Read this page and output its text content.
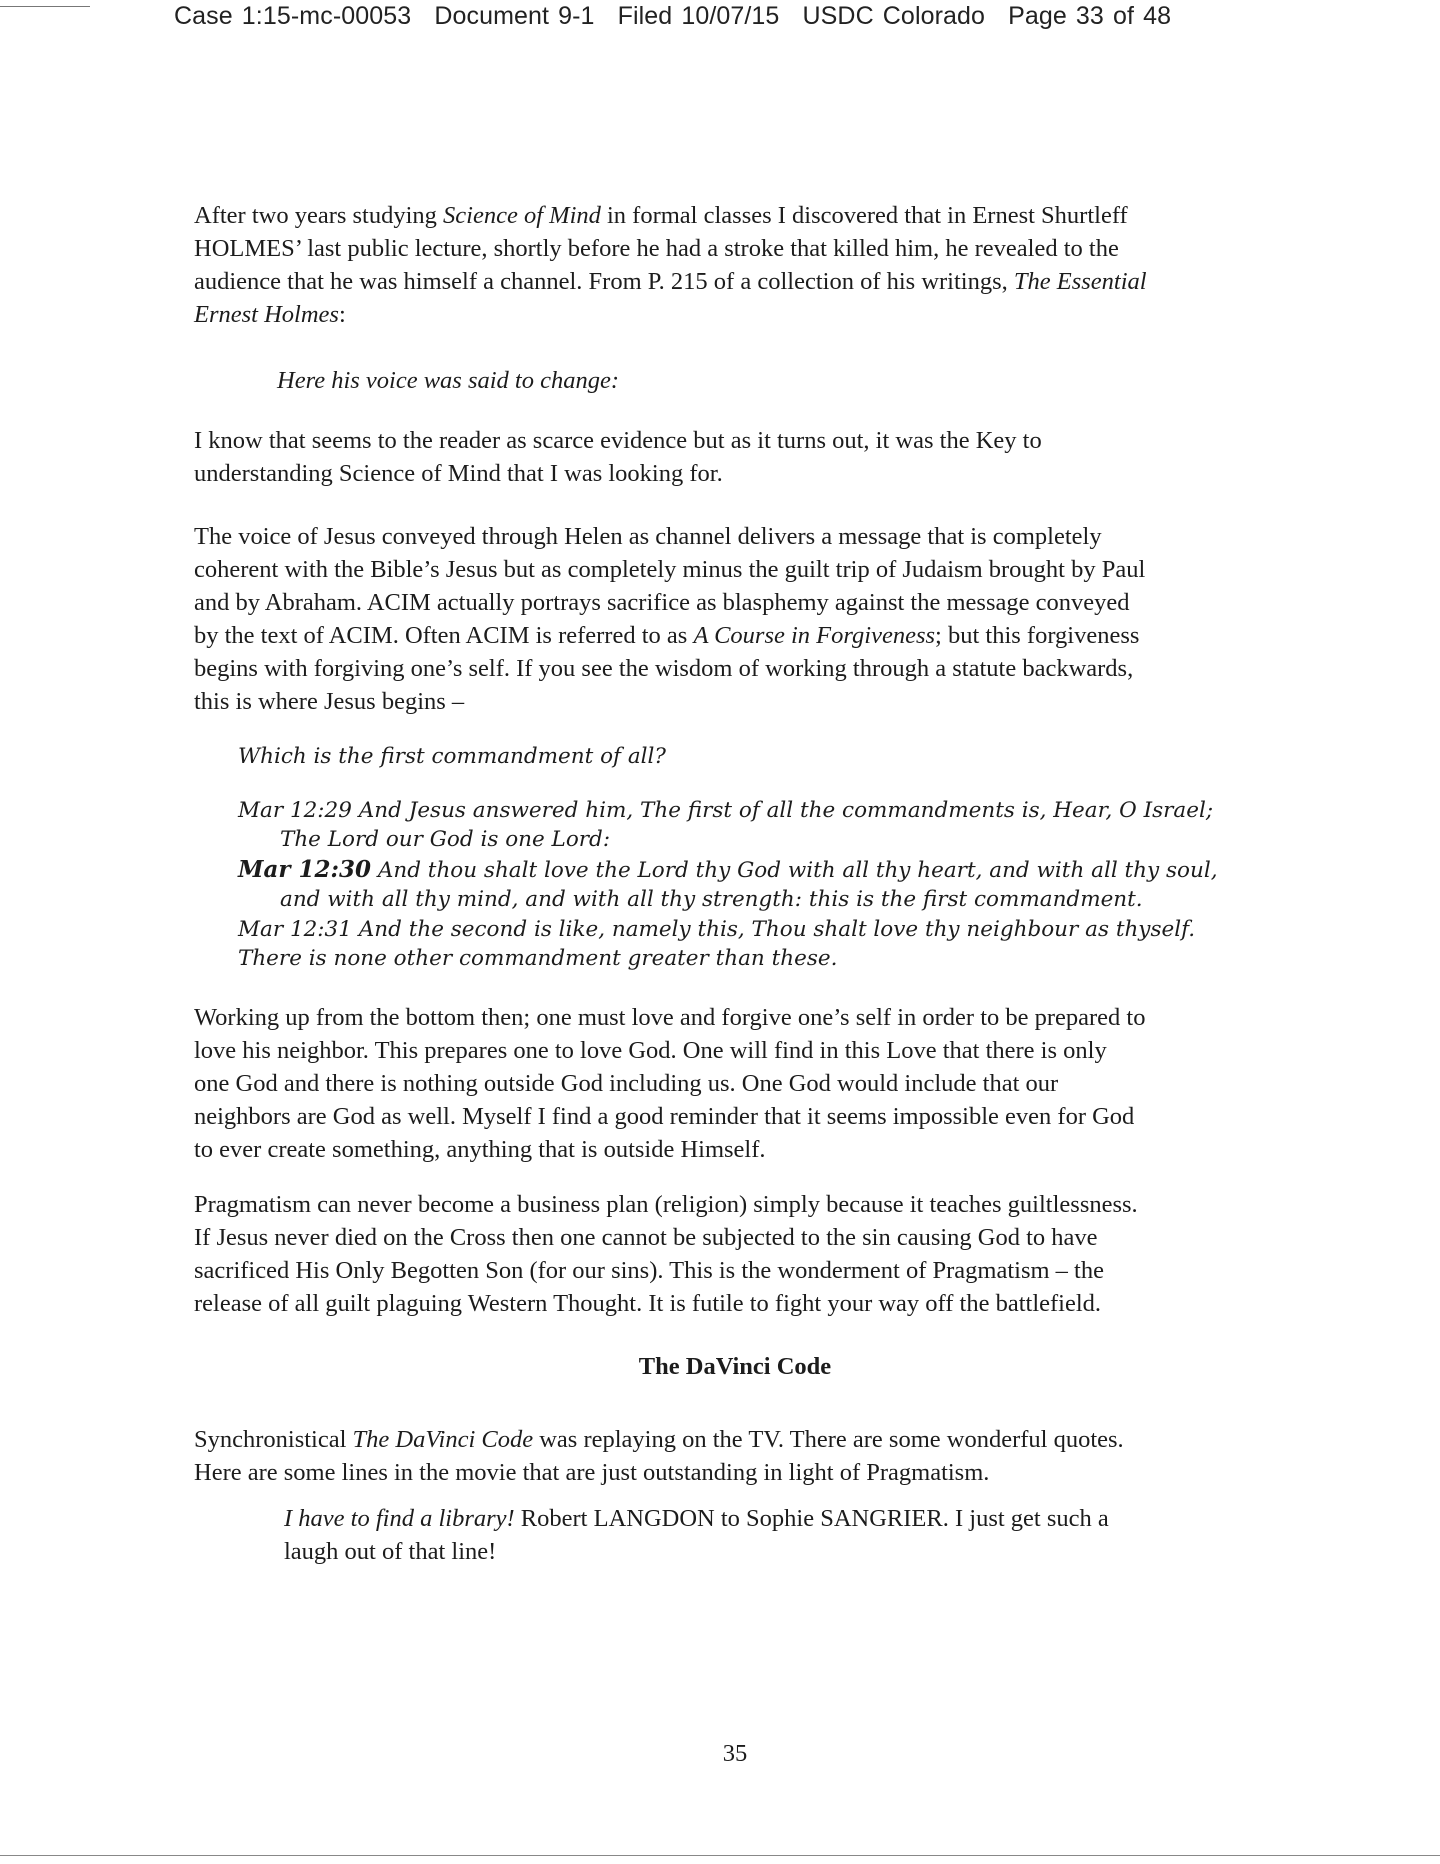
Case 1:15-mc-00053 Document 9-1 Filed 10/07/15 USDC Colorado Page 33 of 48

After two years studying Science of Mind in formal classes I discovered that in Ernest Shurtleff
HOLMES’ last public lecture, shortly before he had a stroke that killed him, he revealed to the
audience that he was himself a channel. From P. 215 of a collection of his writings, The Essential
Ernest Holmes:

Here his voice was said to change:

I know that seems to the reader as scarce evidence but as it turns out, it was the Key to
understanding Science of Mind that I was looking for.

The voice of Jesus conveyed through Helen as channel delivers a message that is completely
coherent with the Bible’s Jesus but as completely minus the guilt trip of Judaism brought by Paul
and by Abraham. ACIM actually portrays sacrifice as blasphemy against the message conveyed
by the text of ACIM. Often ACIM is referred to as A Course in Forgiveness; but this forgiveness
begins with forgiving one’s self. If you see the wisdom of working through a statute backwards,
this is where Jesus begins –

Which is the first commandment of all?
Mar 12:29 And Jesus answered him, The first of all the commandments is, Hear, O Israel;
The Lord our God is one Lord:
Mar 12:30 And thou shalt love the Lord thy God with all thy heart, and with all thy soul,
and with all thy mind, and with all thy strength: this is the first commandment.
Mar 12:31 And the second is like, namely this, Thou shalt love thy neighbour as thyself.
There is none other commandment greater than these.

Working up from the bottom then; one must love and forgive one’s self in order to be prepared to
love his neighbor. This prepares one to love God. One will find in this Love that there is only
one God and there is nothing outside God including us. One God would include that our
neighbors are God as well. Myself I find a good reminder that it seems impossible even for God
to ever create something, anything that is outside Himself.

Pragmatism can never become a business plan (religion) simply because it teaches guiltlessness.
If Jesus never died on the Cross then one cannot be subjected to the sin causing God to have
sacrificed His Only Begotten Son (for our sins). This is the wonderment of Pragmatism – the
release of all guilt plaguing Western Thought. It is futile to fight your way off the battlefield.

The DaVinci Code

Synchronistical The DaVinci Code was replaying on the TV. There are some wonderful quotes.
Here are some lines in the movie that are just outstanding in light of Pragmatism.

I have to find a library! Robert LANGDON to Sophie SANGRIER. I just get such a
laugh out of that line!

35
